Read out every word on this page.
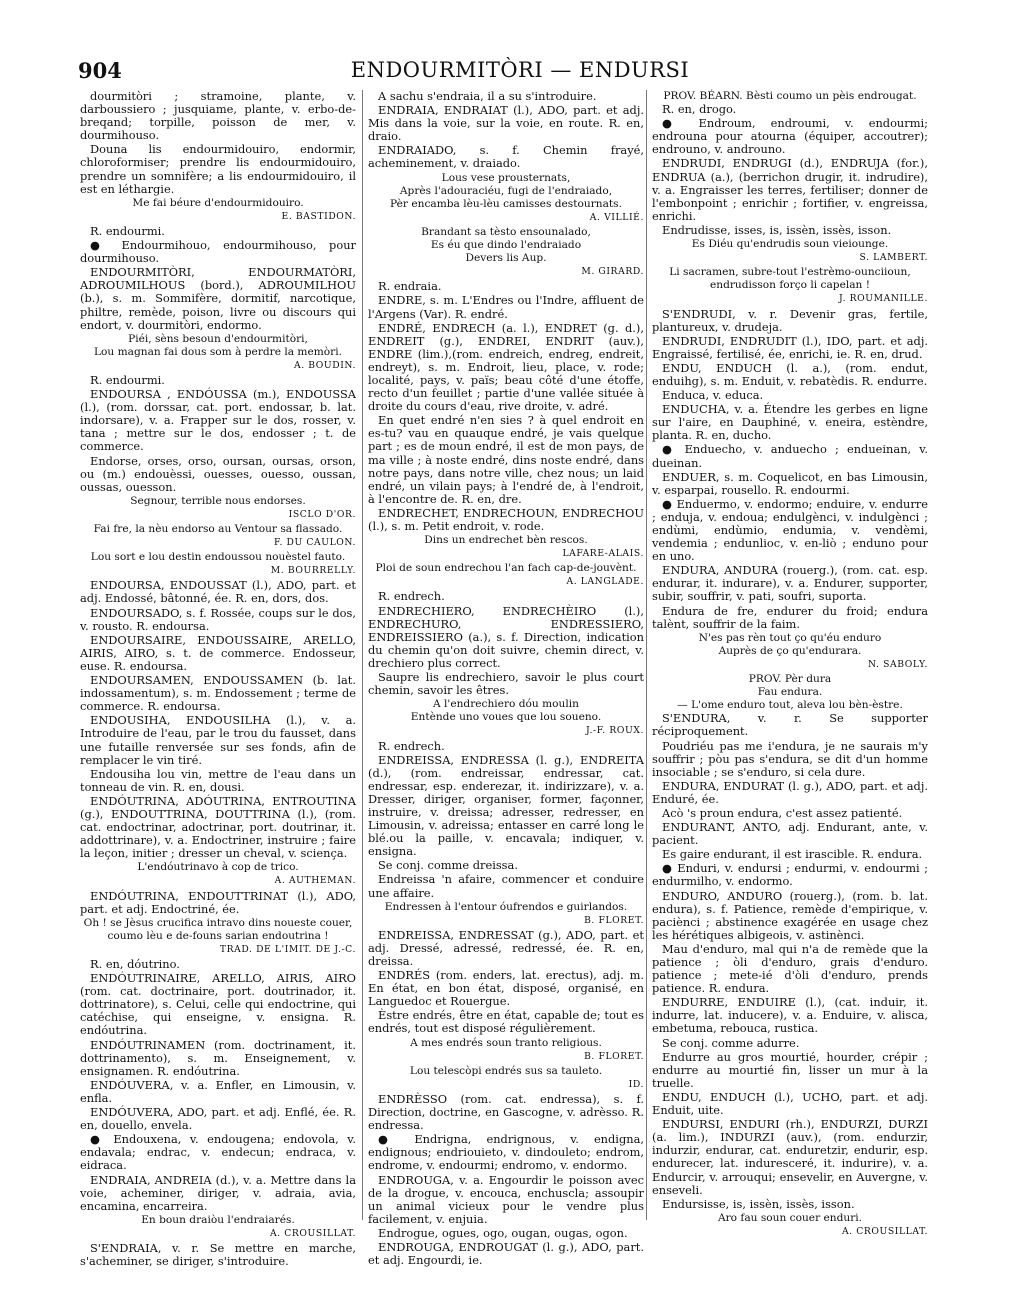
904	ENDOURMITÒRI — ENDURSI

dourmitòri ; stramoine, plante, v. darboussiero ; jusquiame, plante, v. erbo-de-breqand; torpille, poisson de mer, v. dourmihouso.

Douna lis endourmidouiro, endormir, chloroformiser; prendre lis endourmidouiro, prendre un somnifère; a lis endourmidouiro, il est en léthargie.

Me fai béure d'endourmidouiro.

E. BASTIDON.

R. endourmi.

● Endourmihouo, endourmihouso, pour dourmihouso.

ENDOURMITÒRI, ENDOURMATÒRI, ADROUMILHOUS (bord.), ADROUMILHOU (b.), s. m. Sommifère, dormitif, narcotique, philtre, remède, poison, livre ou discours qui endort, v. dourmitòri, endormo.

Piéi, sèns besoun d'endourmitòri,

Lou magnan fai dous som à perdre la memòri.

A. BOUDIN.

R. endourmi.

ENDOURSA , ENDÓUSSA (m.), ENDOUSSA (l.), (rom. dorssar, cat. port. endossar, b. lat. indorsare), v. a. Frapper sur le dos, rosser, v. tana ; mettre sur le dos, endosser ; t. de commerce.

Endorse, orses, orso, oursan, oursas, orson, ou (m.) endouèssi, ouesses, ouesso, oussan, oussas, ouesson.

Segnour, terrible nous endorses.

ISCLO D'OR.

Fai fre, la nèu endorso au Ventour sa flassado.

F. DU CAULON.

Lou sort e lou destin endoussou nouèstel fauto.

M. BOURRELLY.

ENDOURSA, ENDOUSSAT (l.), ADO, part. et adj. Endossé, bâtonné, ée. R. en, dors, dos.

ENDOURSADO, s. f. Rossée, coups sur le dos, v. rousto. R. endoursa.

ENDOURSAIRE, ENDOUSSAIRE, ARELLO, AIRIS, AIRO, s. t. de commerce. Endosseur, euse. R. endoursa.

ENDOURSAMEN, ENDOUSSAMEN (b. lat. indossamentum), s. m. Endossement ; terme de commerce. R. endoursa.

ENDOUSIHA, ENDOUSILHA (l.), v. a. Introduire de l'eau, par le trou du fausset, dans une futaille renversée sur ses fonds, afin de remplacer le vin tiré.

Endousiha lou vin, mettre de l'eau dans un tonneau de vin. R. en, dousi.

ENDÓUTRINA, ADÓUTRINA, ENTROUTINA (g.), ENDOUTTRINA, DOUTTRINA (l.), (rom. cat. endoctrinar, adoctrinar, port. doutrinar, it. addottrinare), v. a. Endoctriner, instruire ; faire la leçon, initier ; dresser un cheval, v. sciença.

L'endóutrinavo à cop de trico.

A. AUTHEMAN.

ENDÓUTRINA, ENDOUTTRINAT (l.), ADO, part. et adj. Endoctriné, ée.

Oh ! se Jèsus crucifica intravo dins noueste couer, coumo lèu e de-founs sarian endoutrina !

TRAD. DE L'IMIT. DE J.-C.

R. en, dóutrino.

ENDÓUTRINAIRE, ARELLO, AIRIS, AIRO (rom. cat. doctrinaire, port. doutrinador, it. dottrinatore), s. Celui, celle qui endoctrine, qui catéchise, qui enseigne, v. ensigna. R. endóutrina.

ENDÓUTRINAMEN (rom. doctrinament, it. dottrinamento), s. m. Enseignement, v. ensignamen. R. endóutrina.

ENDÓUVERA, v. a. Enfler, en Limousin, v. enfla.

ENDÓUVERA, ADO, part. et adj. Enflé, ée. R. en, douello, envela.

● Endouxena, v. endougena; endovola, v. endavala; endrac, v. endecun; endraca, v. eidraca.

ENDRAIA, ANDREIA (d.), v. a. Mettre dans la voie, acheminer, diriger, v. adraia, avia, encamina, encarreira.

En boun draiòu l'endraiarés.

A. CROUSILLAT.

S'ENDRAIA, v. r. Se mettre en marche, s'acheminer, se diriger, s'introduire.

A sachu s'endraia, il a su s'introduire.

ENDRAIA, ENDRAIAT (l.), ADO, part. et adj. Mis dans la voie, sur la voie, en route. R. en, draio.

ENDRAIADO, s. f. Chemin frayé, acheminement, v. draiado.

Lous vese prousternats,

Après l'adouraciéu, fugi de l'endraiado,

Pèr encamba lèu-lèu camisses destournats.

A. VILLIÉ.

Brandant sa tèsto ensounalado,

Es éu que dindo l'endraiado

Devers lis Aup.

M. GIRARD.

R. endraia.

ENDRE, s. m. L'Endres ou l'Indre, affluent de l'Argens (Var). R. endré.

ENDRÉ, ENDRECH (a. l.), ENDRET (g. d.), ENDREIT (g.), ENDREI, ENDRIT (auv.), ENDRE (lim.),(rom. endreich, endreg, endreit, endreyt), s. m. Endroit, lieu, place, v. rode; localité, pays, v. païs; beau côté d'une étoffe, recto d'un feuillet ; partie d'une vallée située à droite du cours d'eau, rive droite, v. adré.

En quet endré n'en sies ? à quel endroit en es-tu? vau en quauque endré, je vais quelque part ; es de moun endré, il est de mon pays, de ma ville ; à noste endré, dins noste endré, dans notre pays, dans notre ville, chez nous; un laid endré, un vilain pays; à l'endré de, à l'endroit, à l'encontre de. R. en, dre.

ENDRECHET, ENDRECHOUN, ENDRECHOU (l.), s. m. Petit endroit, v. rode.

Dins un endrechet bèn rescos.

LAFARE-ALAIS.

Ploi de soun endrechou l'an fach cap-de-jouvènt.

A. LANGLADE.

R. endrech.

ENDRECHIERO, ENDRECHÈIRO (l.), ENDRECHURO, ENDRESSIERO, ENDREISSIERO (a.), s. f. Direction, indication du chemin qu'on doit suivre, chemin direct, v. drechiero plus correct.

Saupre lis endrechiero, savoir le plus court chemin, savoir les êtres.

A l'endrechiero dóu moulin

Entènde uno voues que lou soueno.

J.-F. ROUX.

R. endrech.

ENDREISSA, ENDRESSA (l. g.), ENDREITA (d.), (rom. endreissar, endressar, cat. endressar, esp. enderezar, it. indirizzare), v. a. Dresser, diriger, organiser, former, façonner, instruire, v. dreissa; adresser, redresser, en Limousin, v. adreissa; entasser en carré long le blé.ou la paille, v. encavala; indiquer, v. ensigna.

Se conj. comme dreissa.

Endreissa 'n afaire, commencer et conduire une affaire.

Endressen à l'entour óufrendos e guirlandos.

B. FLORET.

ENDREISSA, ENDRESSAT (g.), ADO, part. et adj. Dressé, adressé, redressé, ée. R. en, dreissa.

ENDRÉS (rom. enders, lat. erectus), adj. m. En état, en bon état, disposé, organisé, en Languedoc et Rouergue.

Èstre endrés, être en état, capable de; tout es endrés, tout est disposé régulièrement.

A mes endrés soun tranto religious.

B. FLORET.

Lou telescòpi endrés sus sa tauleto.

ID.

ENDRÈSSO (rom. cat. endressa), s. f. Direction, doctrine, en Gascogne, v. adrèsso. R. endressa.

● Endrigna, endrignous, v. endigna, endignous; endriouieto, v. dindouleto; endrom, endrome, v. endourmi; endromo, v. endormo.

ENDROUGA, v. a. Engourdir le poisson avec de la drogue, v. encouca, enchuscla; assoupir un animal vicieux pour le vendre plus facilement, v. enjuia.

Endrogue, ogues, ogo, ougan, ougas, ogon.

ENDROUGA, ENDROUGAT (l. g.), ADO, part. et adj. Engourdi, ie.

PROV. BÉARN. Bèsti coumo un pèis endrougat.

R. en, drogo.

● Endroum, endroumi, v. endourmi; endrouna pour atourna (équiper, accoutrer); endrouno, v. androuno.

ENDRUDI, ENDRUGI (d.), ENDRUJA (for.), ENDRUA (a.), (berrichon drugir, it. indrudire), v. a. Engraisser les terres, fertiliser; donner de l'embonpoint ; enrichir ; fortifier, v. engreissa, enrichi.

Endrudisse, isses, is, issèn, issès, isson.

Es Diéu qu'endrudis soun vieiounge.

S. LAMBERT.

Li sacramen, subre-tout l'estrèmo-ounciioun, endrudisson forço li capelan !

J. ROUMANILLE.

S'ENDRUDI, v. r. Devenir gras, fertile, plantureux, v. drudeja.

ENDRUDI, ENDRUDIT (l.), IDO, part. et adj. Engraissé, fertilisé, ée, enrichi, ie. R. en, drud.

ENDU, ENDUCH (l. a.), (rom. endut, enduihg), s. m. Enduit, v. rebatèdis. R. endurre.

Enduca, v. educa.

ENDUCHA, v. a. Étendre les gerbes en ligne sur l'aire, en Dauphiné, v. eneira, estèndre, planta. R. en, ducho.

● Enduecho, v. anduecho ; endueinan, v. dueinan.

ENDUER, s. m. Coquelicot, en bas Limousin, v. esparpai, rousello. R. endourmi.

● Enduermo, v. endormo; enduire, v. endurre ; enduja, v. endoua; endulgènci, v. indulgènci ; endùmi, endùmio, endumia, v. vendèmi, vendemia ; endunlioc, v. en-liò ; enduno pour en uno.

ENDURA, ANDURA (rouerg.), (rom. cat. esp. endurar, it. indurare), v. a. Endurer, supporter, subir, souffrir, v. pati, soufri, suporta.

Endura de fre, endurer du froid; endura talènt, souffrir de la faim.

N'es pas rèn tout ço qu'éu enduro

Auprès de ço qu'endurara.

N. SABOLY.

PROV. Pèr dura

Fau endura.

— L'ome enduro tout, aleva lou bèn-èstre.

S'ENDURA, v. r. Se supporter réciproquement.

Poudriéu pas me i'endura, je ne saurais m'y souffrir ; pòu pas s'endura, se dit d'un homme insociable ; se s'enduro, si cela dure.

ENDURA, ENDURAT (l. g.), ADO, part. et adj. Enduré, ée.

Acò 's proun endura, c'est assez patienté.

ENDURANT, ANTO, adj. Endurant, ante, v. pacient.

Es gaire endurant, il est irascible. R. endura.

● Enduri, v. endursi ; endurmi, v. endourmi ; endurmilho, v. endormo.

ENDURO, ANDURO (rouerg.), (rom. b. lat. endura), s. f. Patience, remède d'empirique, v. paciènci ; abstinence exagérée en usage chez les hérétiques albigeois, v. astinènci.

Mau d'enduro, mal qui n'a de remède que la patience ; òli d'enduro, grais d'enduro. patience ; mete-ié d'òli d'enduro, prends patience. R. endura.

ENDURRE, ENDUIRE (l.), (cat. induir, it. indurre, lat. inducere), v. a. Enduire, v. alisca, embetuma, rebouca, rustica.

Se conj. comme adurre.

Endurre au gros mourtié, hourder, crépir ; endurre au mourtié fin, lisser un mur à la truelle.

ENDU, ENDUCH (l.), UCHO, part. et adj. Enduit, uite.

ENDURSI, ENDURI (rh.), ENDURZI, DURZI (a. lim.), INDURZI (auv.), (rom. endurzir, indurzir, endurar, cat. enduretzir, endurir, esp. endurecer, lat. induresceré, it. indurire), v. a. Endurcir, v. arrouqui; ensevelir, en Auvergne, v. enseveli.

Endursisse, is, issèn, issès, isson.

Aro fau soun couer enduri.

A. CROUSILLAT.
